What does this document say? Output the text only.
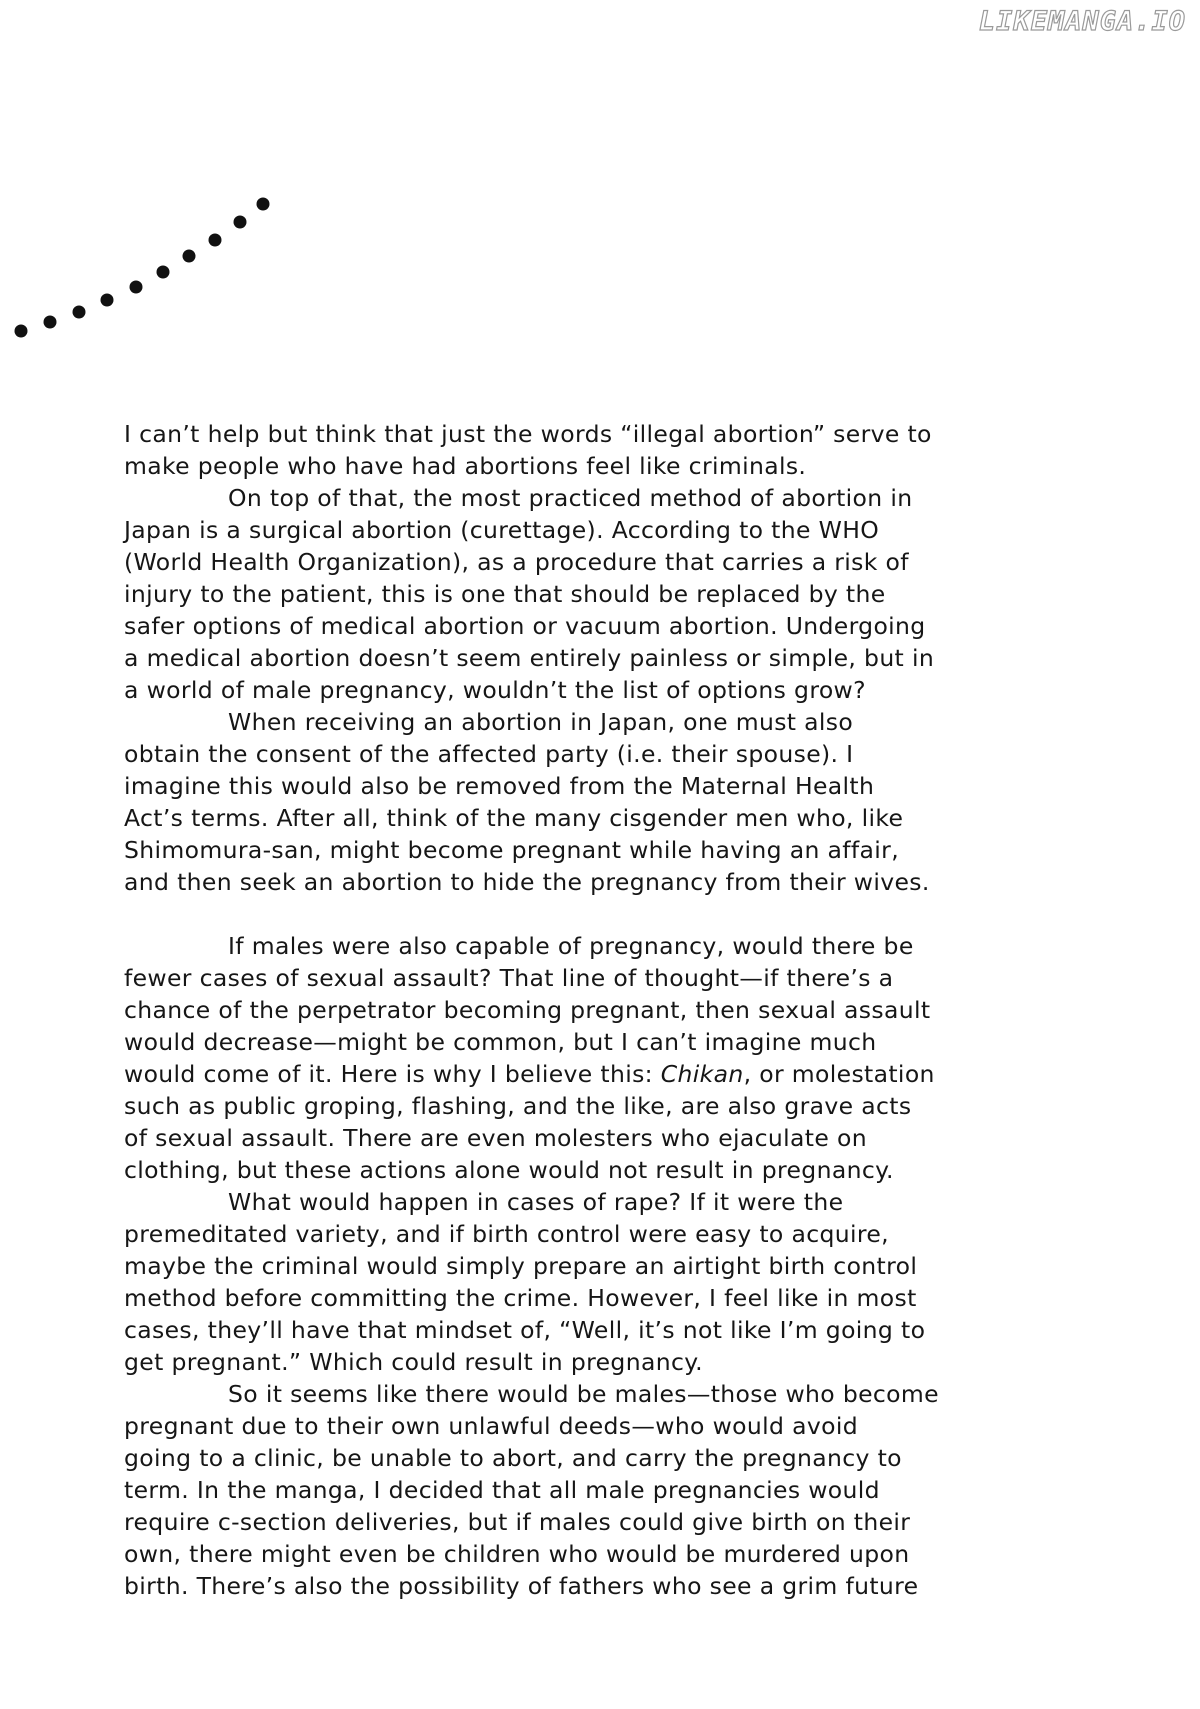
LIKEMANGA.IO
I can’t help but think that just the words “illegal abortion” serve to
make people who have had abortions feel like criminals.
On top of that, the most practiced method of abortion in
Japan is a surgical abortion (curettage). According to the WHO
(World Health Organization), as a procedure that carries a risk of
injury to the patient, this is one that should be replaced by the
safer options of medical abortion or vacuum abortion. Undergoing
a medical abortion doesn’t seem entirely painless or simple, but in
a world of male pregnancy, wouldn’t the list of options grow?
When receiving an abortion in Japan, one must also
obtain the consent of the affected party (i.e. their spouse). I
imagine this would also be removed from the Maternal Health
Act’s terms. After all, think of the many cisgender men who, like
Shimomura-san, might become pregnant while having an affair,
and then seek an abortion to hide the pregnancy from their wives.
If males were also capable of pregnancy, would there be
fewer cases of sexual assault? That line of thought—if there’s a
chance of the perpetrator becoming pregnant, then sexual assault
would decrease—might be common, but I can’t imagine much
would come of it. Here is why I believe this: Chikan, or molestation
such as public groping, flashing, and the like, are also grave acts
of sexual assault. There are even molesters who ejaculate on
clothing, but these actions alone would not result in pregnancy.
What would happen in cases of rape? If it were the
premeditated variety, and if birth control were easy to acquire,
maybe the criminal would simply prepare an airtight birth control
method before committing the crime. However, I feel like in most
cases, they’ll have that mindset of, “Well, it’s not like I’m going to
get pregnant.” Which could result in pregnancy.
So it seems like there would be males—those who become
pregnant due to their own unlawful deeds—who would avoid
going to a clinic, be unable to abort, and carry the pregnancy to
term. In the manga, I decided that all male pregnancies would
require c-section deliveries, but if males could give birth on their
own, there might even be children who would be murdered upon
birth. There’s also the possibility of fathers who see a grim future
